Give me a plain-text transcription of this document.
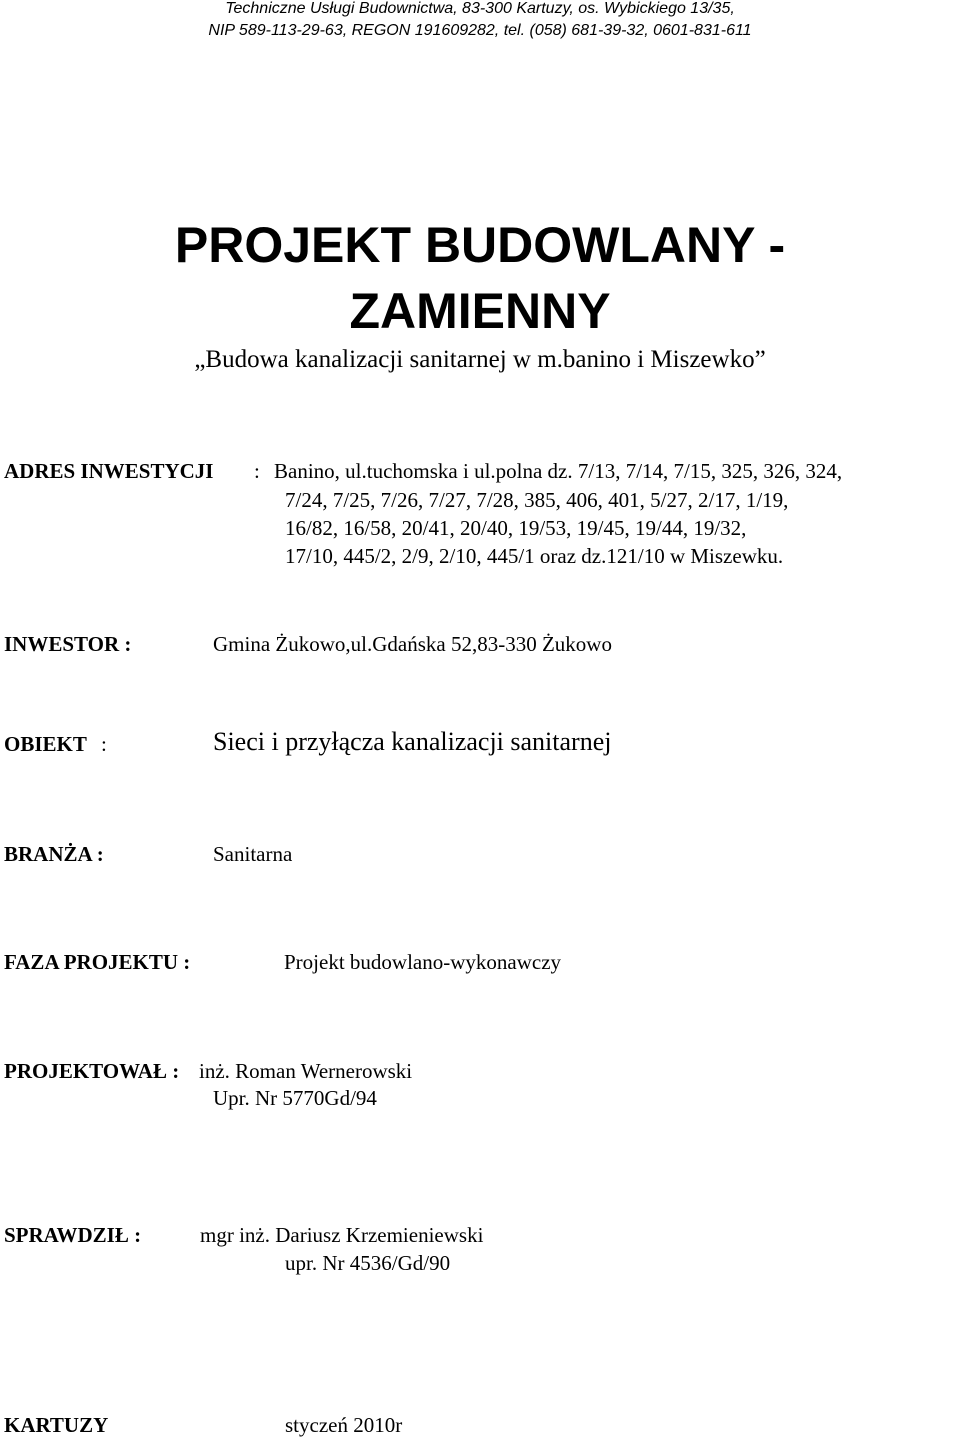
Techniczne Usługi Budownictwa, 83-300 Kartuzy, os. Wybickiego 13/35,
NIP 589-113-29-63, REGON 191609282, tel. (058) 681-39-32, 0601-831-611
PROJEKT BUDOWLANY -
ZAMIENNY
„Budowa kanalizacji sanitarnej w m.banino i Miszewko”
ADRES INWESTYCJI : Banino, ul.tuchomska i ul.polna dz. 7/13, 7/14, 7/15, 325, 326, 324,
7/24, 7/25, 7/26, 7/27, 7/28, 385, 406, 401, 5/27, 2/17, 1/19,
16/82, 16/58, 20/41, 20/40, 19/53, 19/45, 19/44, 19/32,
17/10, 445/2, 2/9, 2/10, 445/1 oraz dz.121/10 w Miszewku.
INWESTOR :	Gmina Żukowo,ul.Gdańska 52,83-330 Żukowo
OBIEKT :	Sieci i przyłącza kanalizacji sanitarnej
BRANŻA :	Sanitarna
FAZA PROJEKTU :	Projekt budowlano-wykonawczy
PROJEKTOWAŁ : inż. Roman Wernerowski
Upr. Nr 5770Gd/94
SPRAWDZIŁ :	mgr inż. Dariusz Krzemieniewski
upr. Nr 4536/Gd/90
KARTUZY	styczeń 2010r
